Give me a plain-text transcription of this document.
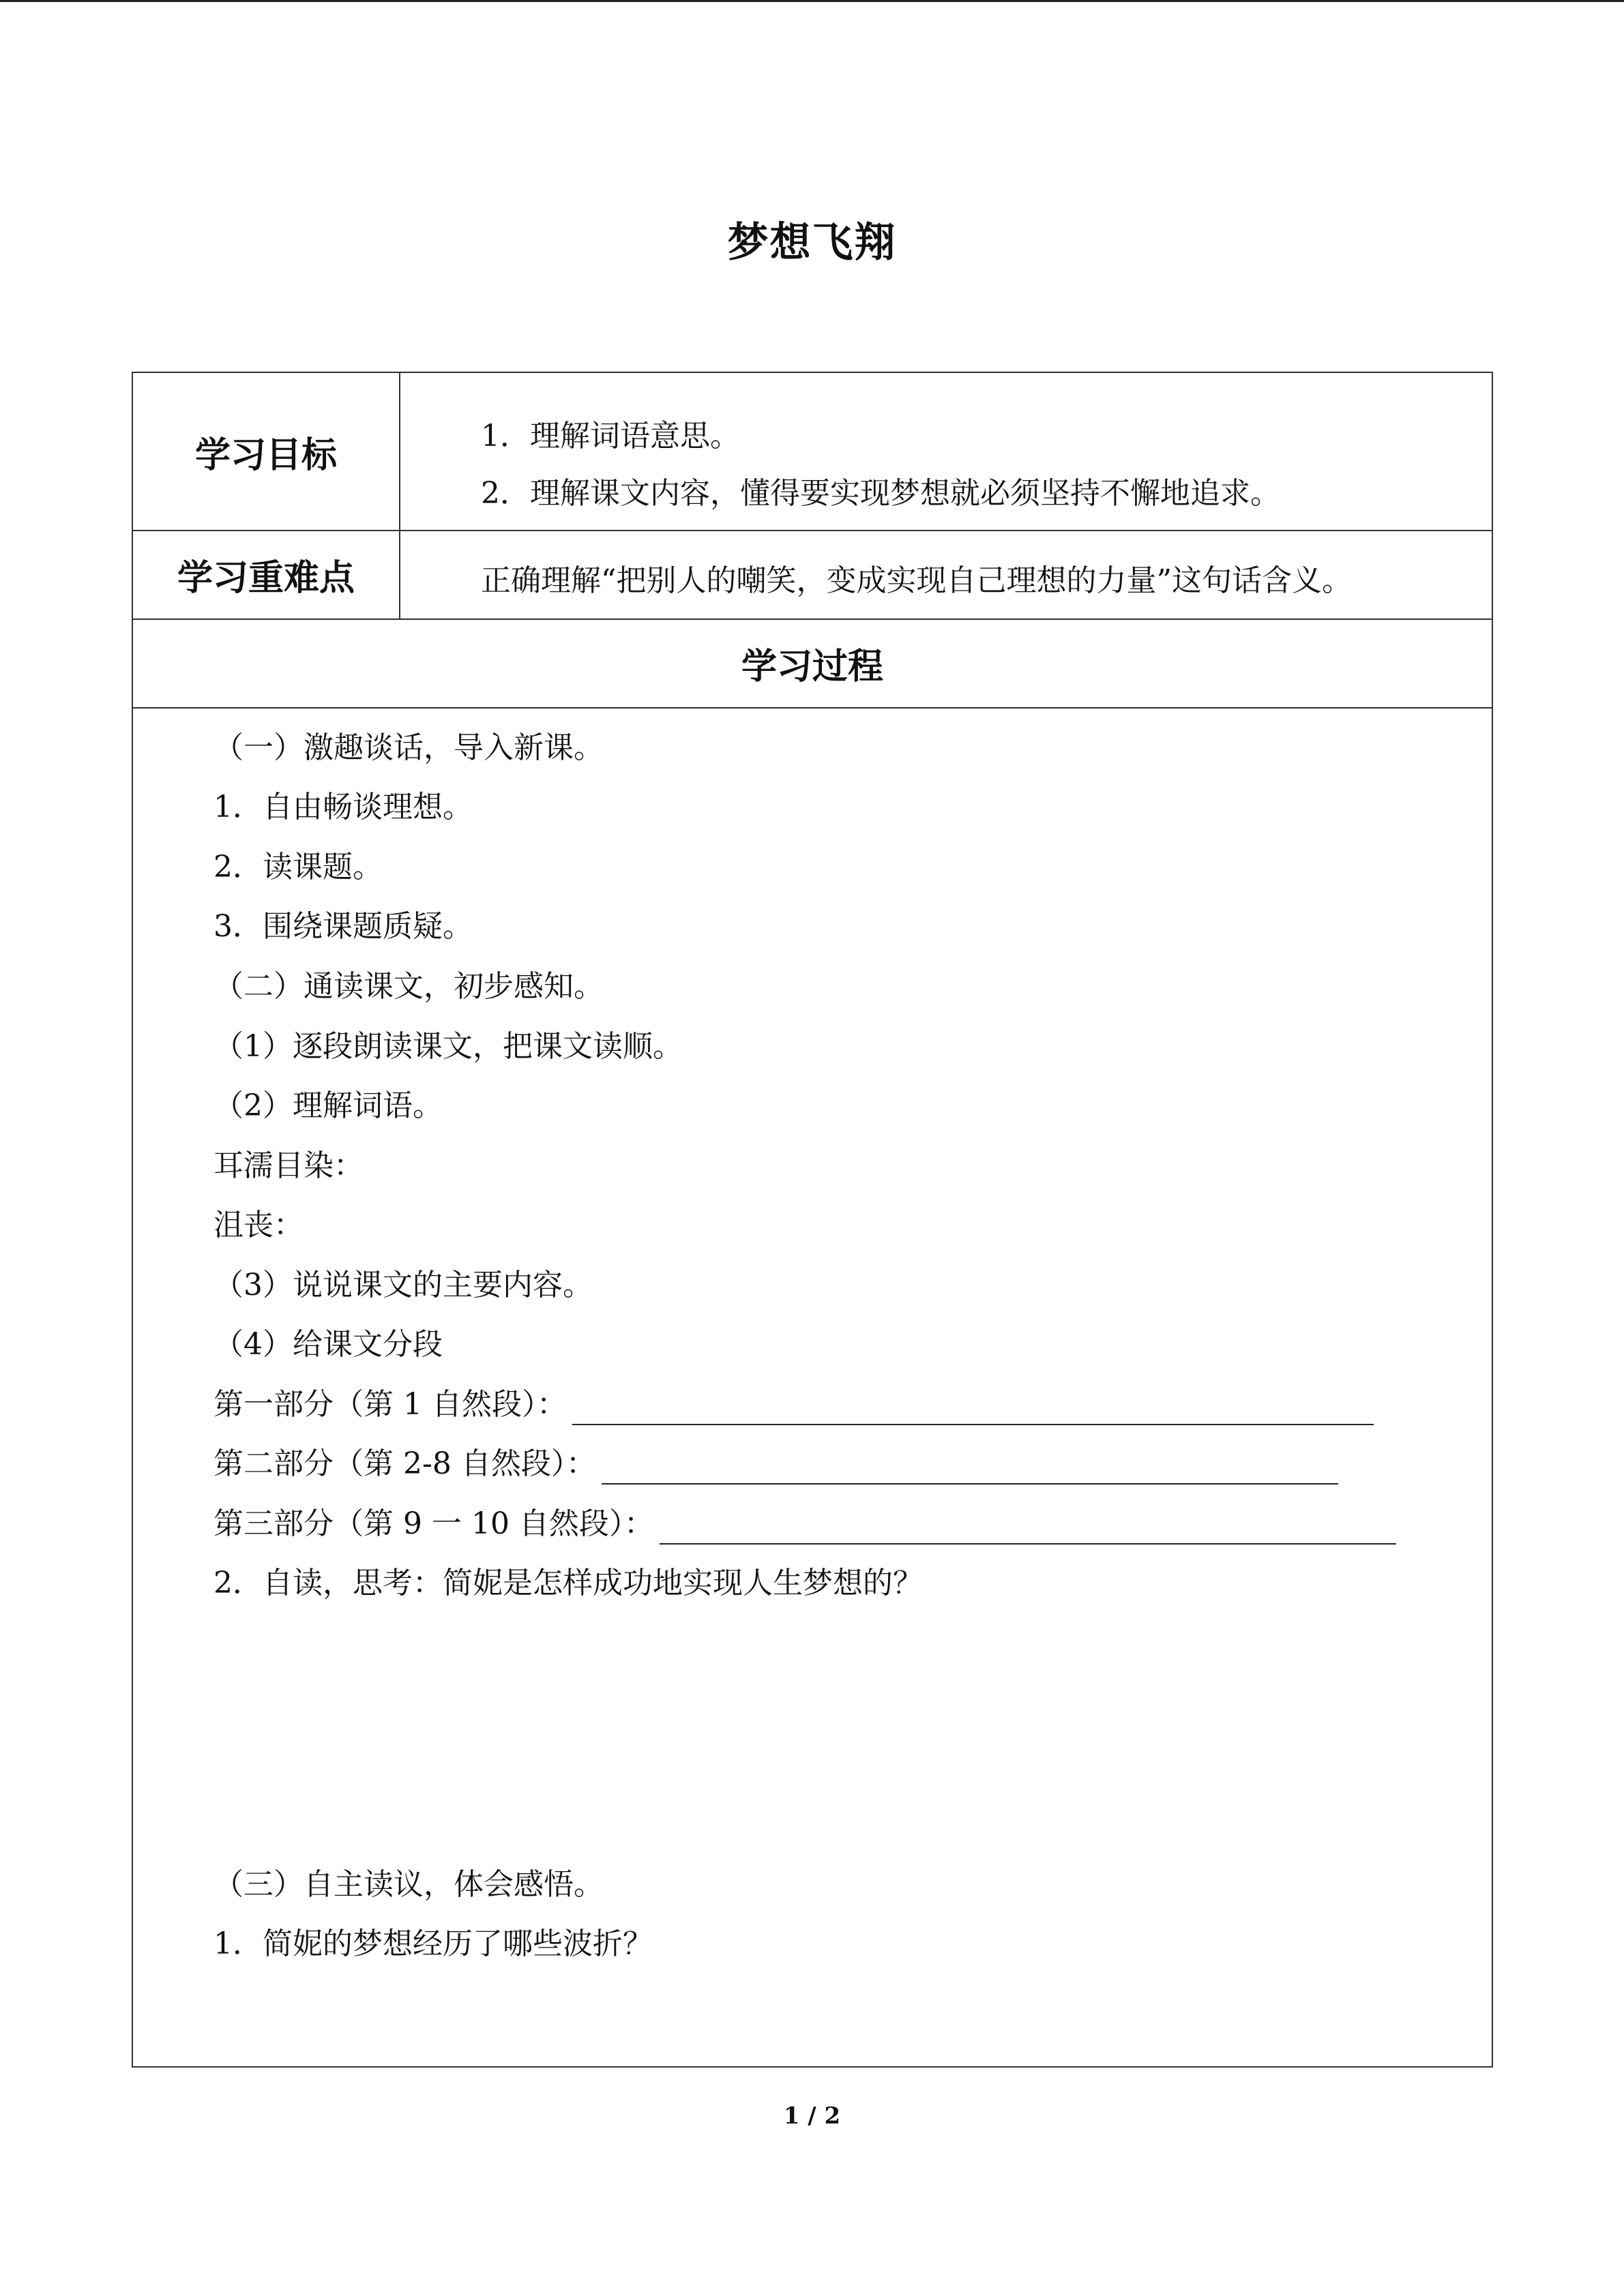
梦想飞翔
学习目标	1．理解词语意思。
2．理解课文内容，懂得要实现梦想就必须坚持不懈地追求。
学习重难点	正确理解“把别人的嘲笑，变成实现自己理想的力量”这句话含义。
学习过程
（一）激趣谈话，导入新课。
1．自由畅谈理想。
2．读课题。
3．围绕课题质疑。
（二）通读课文，初步感知。
（1）逐段朗读课文，把课文读顺。
（2）理解词语。
耳濡目染：
沮丧：
（3）说说课文的主要内容。
（4）给课文分段
第一部分（第 1 自然段）：
第二部分（第 2-8 自然段）：
第三部分（第 9 一 10 自然段）：
2．自读，思考：简妮是怎样成功地实现人生梦想的？
（三）自主读议，体会感悟。
1．简妮的梦想经历了哪些波折？
1 / 2
